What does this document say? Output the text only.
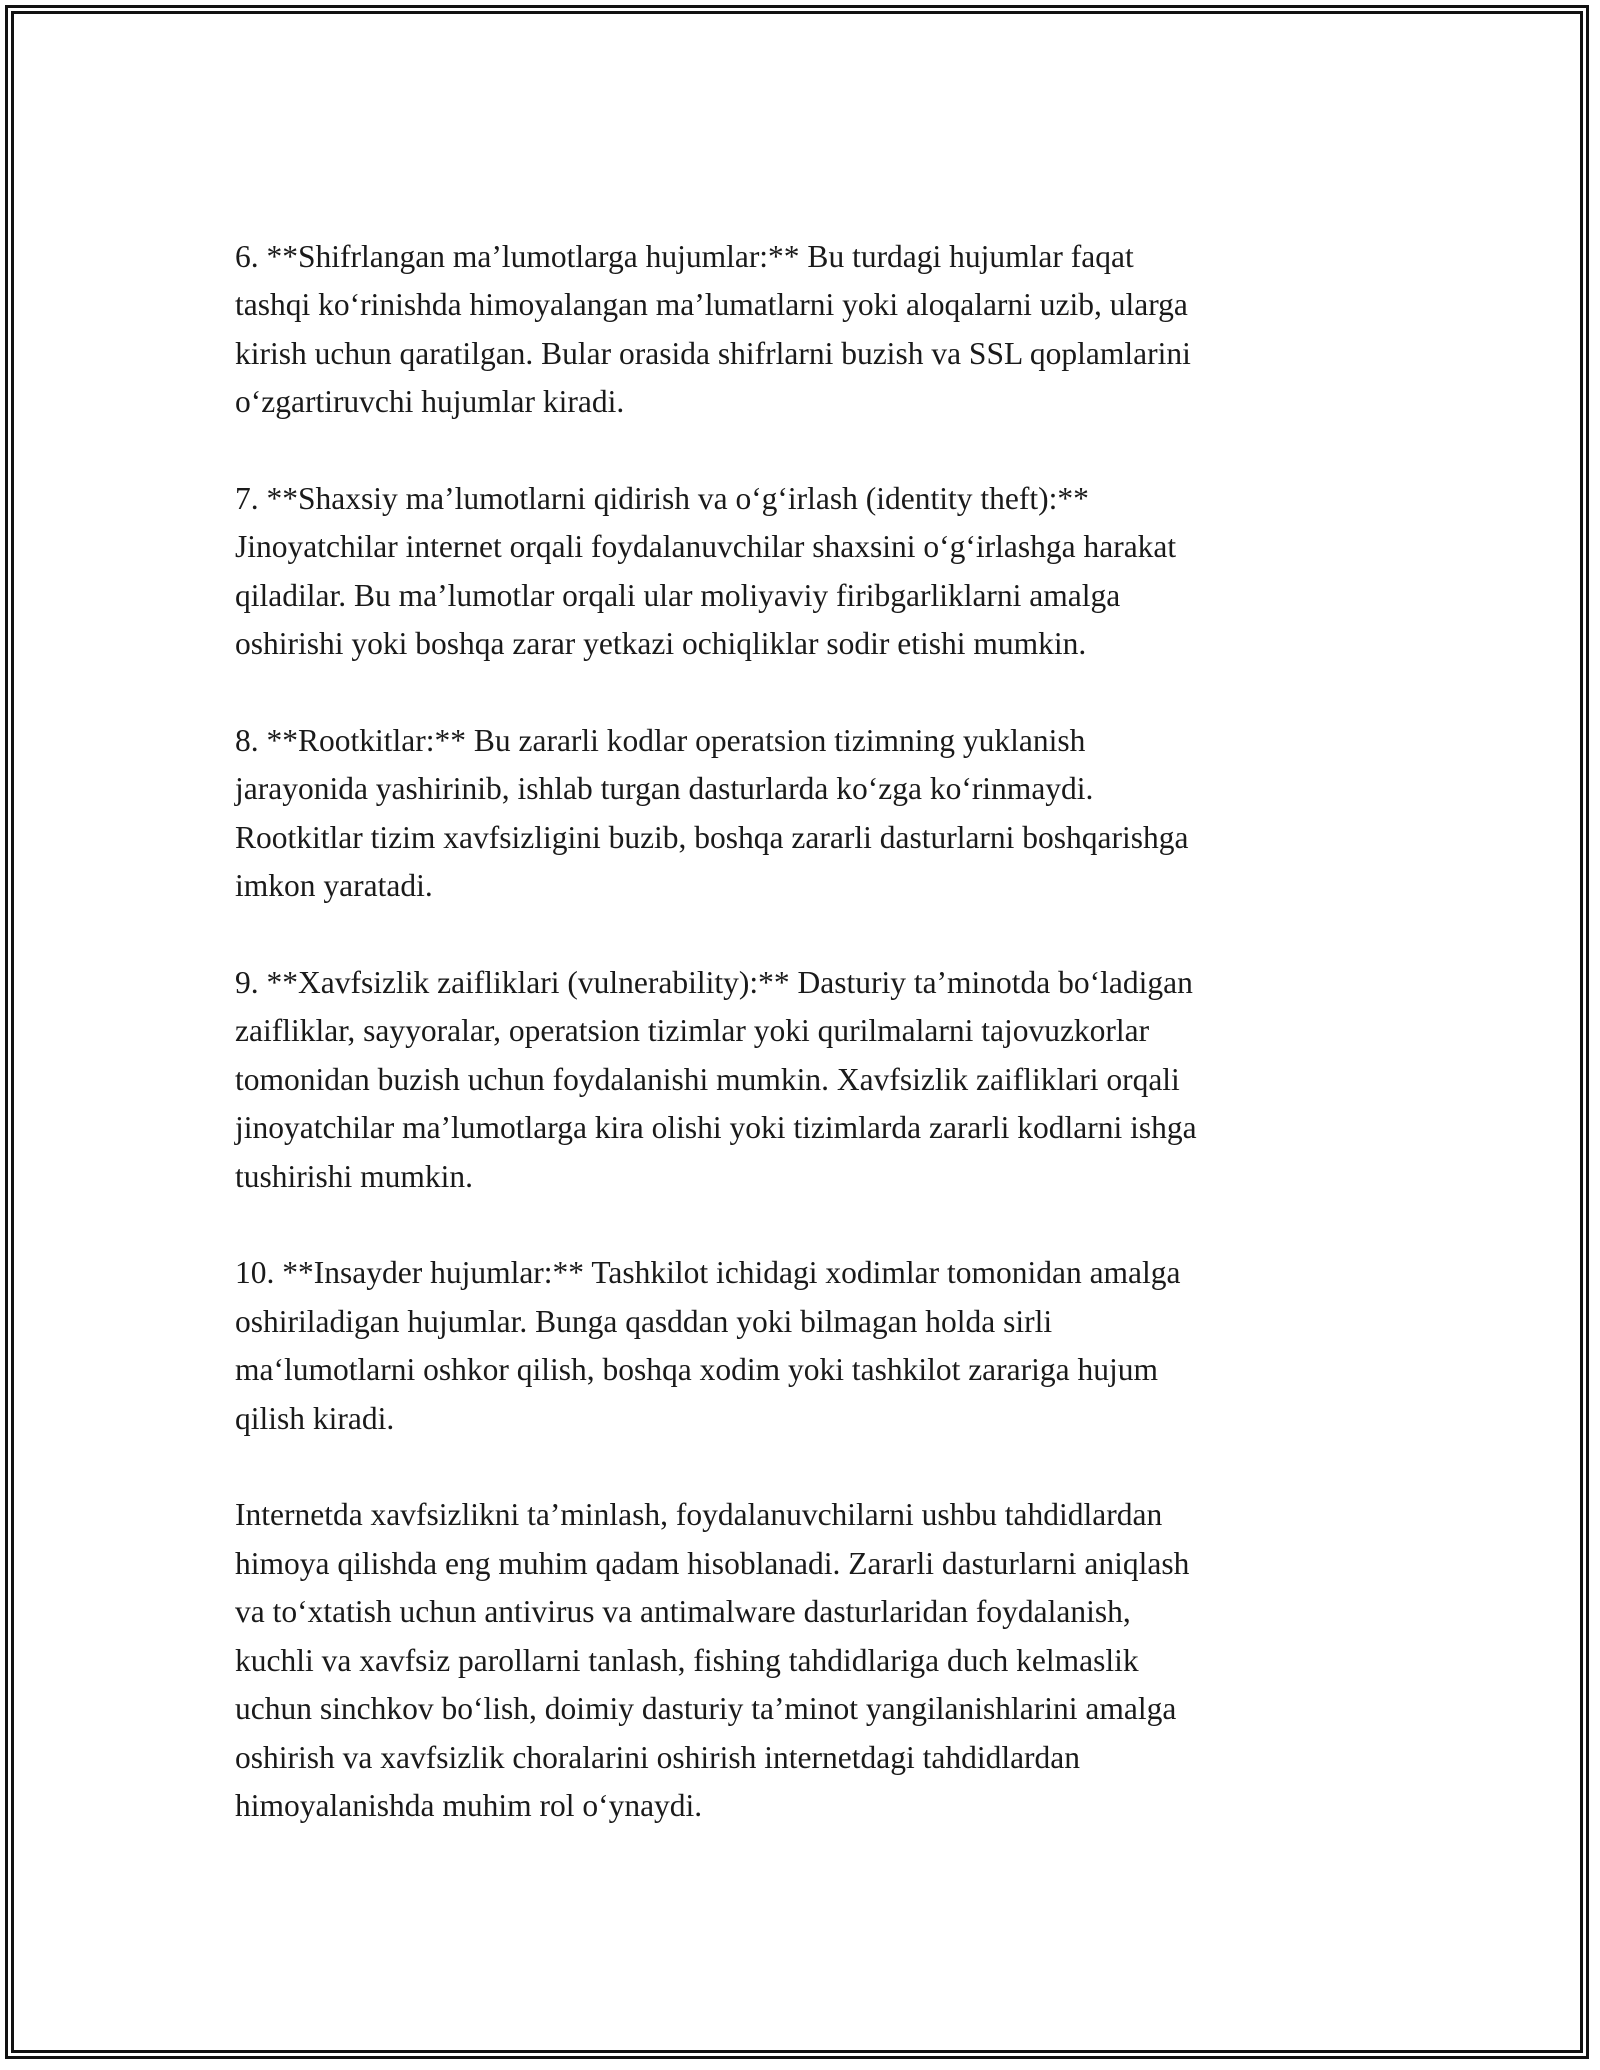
6. **Shifrlangan ma’lumotlarga hujumlar:** Bu turdagi hujumlar faqat
tashqi ko‘rinishda himoyalangan ma’lumatlarni yoki aloqalarni uzib, ularga
kirish uchun qaratilgan. Bular orasida shifrlarni buzish va SSL qoplamlarini
o‘zgartiruvchi hujumlar kiradi.

7. **Shaxsiy ma’lumotlarni qidirish va o‘g‘irlash (identity theft):**
Jinoyatchilar internet orqali foydalanuvchilar shaxsini o‘g‘irlashga harakat
qiladilar. Bu ma’lumotlar orqali ular moliyaviy firibgarliklarni amalga
oshirishi yoki boshqa zarar yetkazi ochiqliklar sodir etishi mumkin.

8. **Rootkitlar:** Bu zararli kodlar operatsion tizimning yuklanish
jarayonida yashirinib, ishlab turgan dasturlarda ko‘zga ko‘rinmaydi.
Rootkitlar tizim xavfsizligini buzib, boshqa zararli dasturlarni boshqarishga
imkon yaratadi.

9. **Xavfsizlik zaifliklari (vulnerability):** Dasturiy ta’minotda bo‘ladigan
zaifliklar, sayyoralar, operatsion tizimlar yoki qurilmalarni tajovuzkorlar
tomonidan buzish uchun foydalanishi mumkin. Xavfsizlik zaifliklari orqali
jinoyatchilar ma’lumotlarga kira olishi yoki tizimlarda zararli kodlarni ishga
tushirishi mumkin.

10. **Insayder hujumlar:** Tashkilot ichidagi xodimlar tomonidan amalga
oshiriladigan hujumlar. Bunga qasddan yoki bilmagan holda sirli
ma‘lumotlarni oshkor qilish, boshqa xodim yoki tashkilot zarariga hujum
qilish kiradi.

Internetda xavfsizlikni ta’minlash, foydalanuvchilarni ushbu tahdidlardan
himoya qilishda eng muhim qadam hisoblanadi. Zararli dasturlarni aniqlash
va to‘xtatish uchun antivirus va antimalware dasturlaridan foydalanish,
kuchli va xavfsiz parollarni tanlash, fishing tahdidlariga duch kelmaslik
uchun sinchkov bo‘lish, doimiy dasturiy ta’minot yangilanishlarini amalga
oshirish va xavfsizlik choralarini oshirish internetdagi tahdidlardan
himoyalanishda muhim rol o‘ynaydi.
